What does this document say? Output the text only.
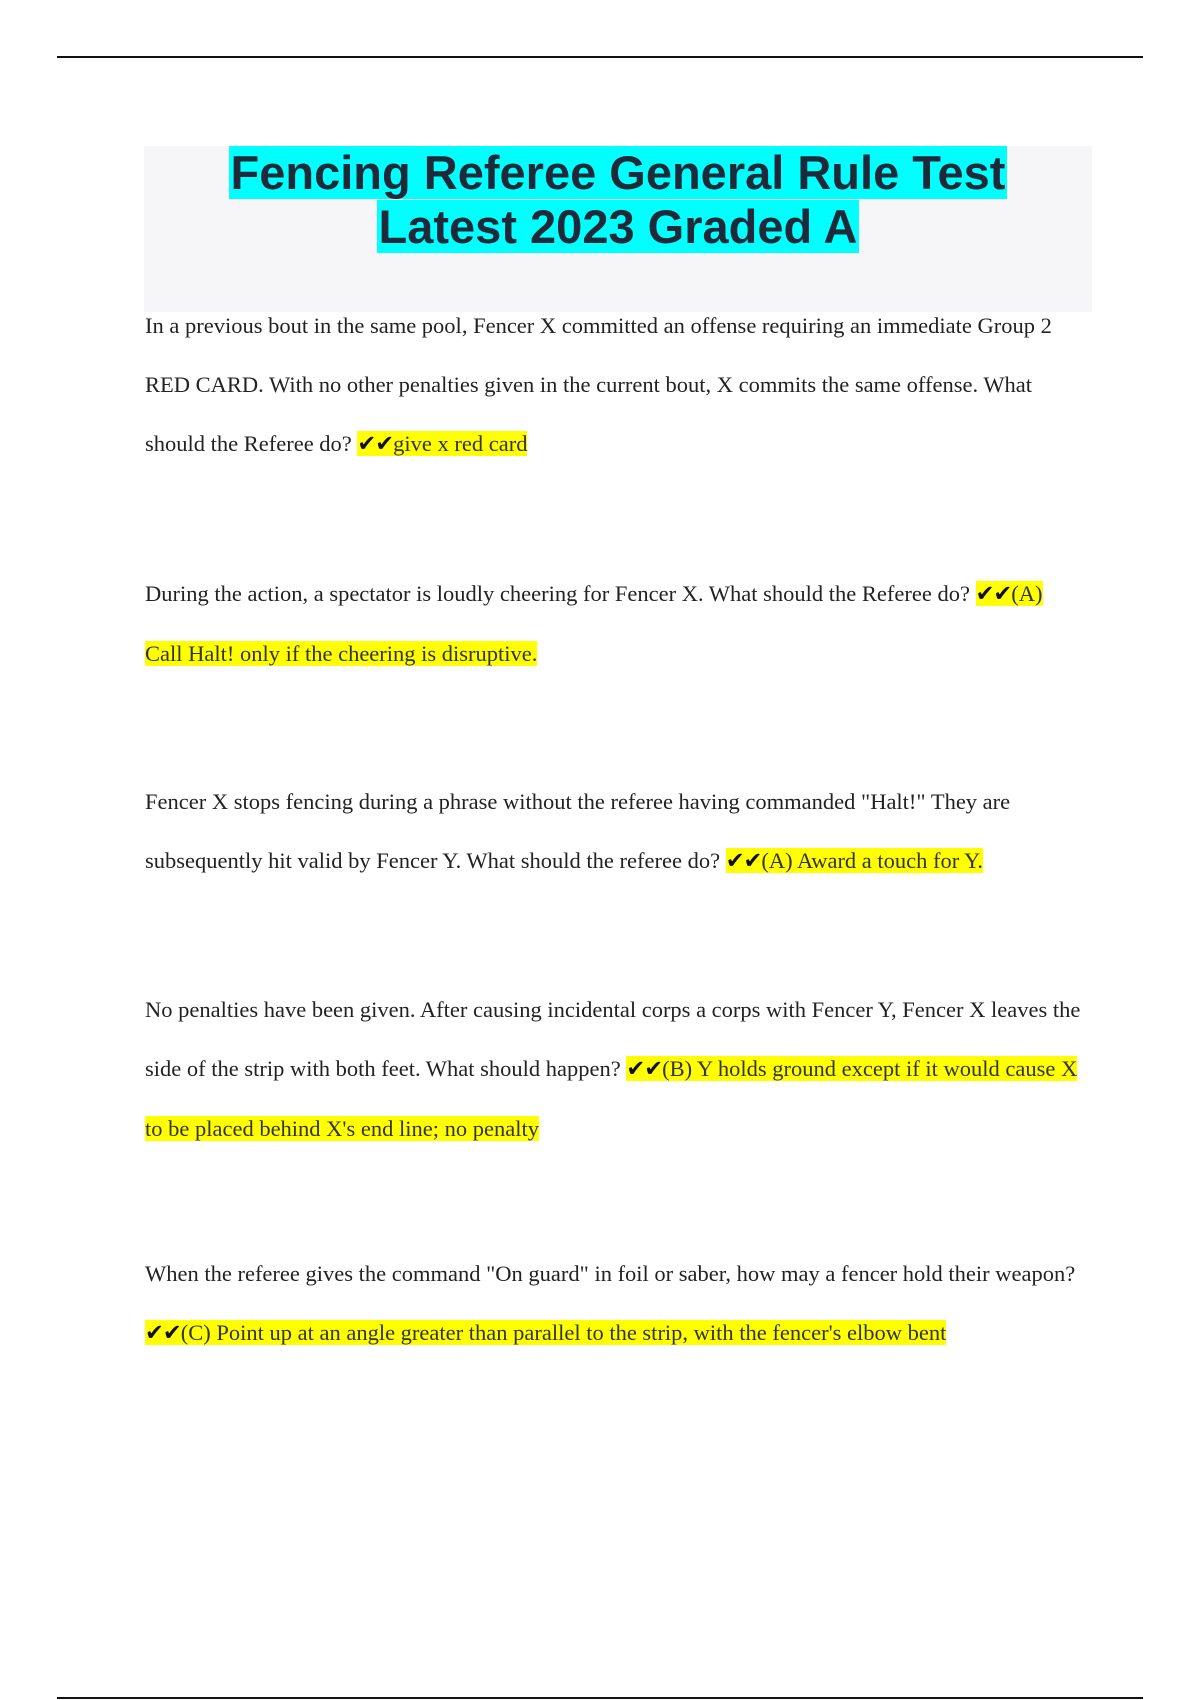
Fencing Referee General Rule Test
Latest 2023 Graded A

In a previous bout in the same pool, Fencer X committed an offense requiring an immediate Group 2 RED CARD. With no other penalties given in the current bout, X commits the same offense. What should the Referee do? ✔✔give x red card

During the action, a spectator is loudly cheering for Fencer X. What should the Referee do? ✔✔(A) Call Halt! only if the cheering is disruptive.

Fencer X stops fencing during a phrase without the referee having commanded "Halt!" They are subsequently hit valid by Fencer Y. What should the referee do? ✔✔(A) Award a touch for Y.

No penalties have been given. After causing incidental corps a corps with Fencer Y, Fencer X leaves the side of the strip with both feet. What should happen? ✔✔(B) Y holds ground except if it would cause X to be placed behind X's end line; no penalty

When the referee gives the command "On guard" in foil or saber, how may a fencer hold their weapon? ✔✔(C) Point up at an angle greater than parallel to the strip, with the fencer's elbow bent
